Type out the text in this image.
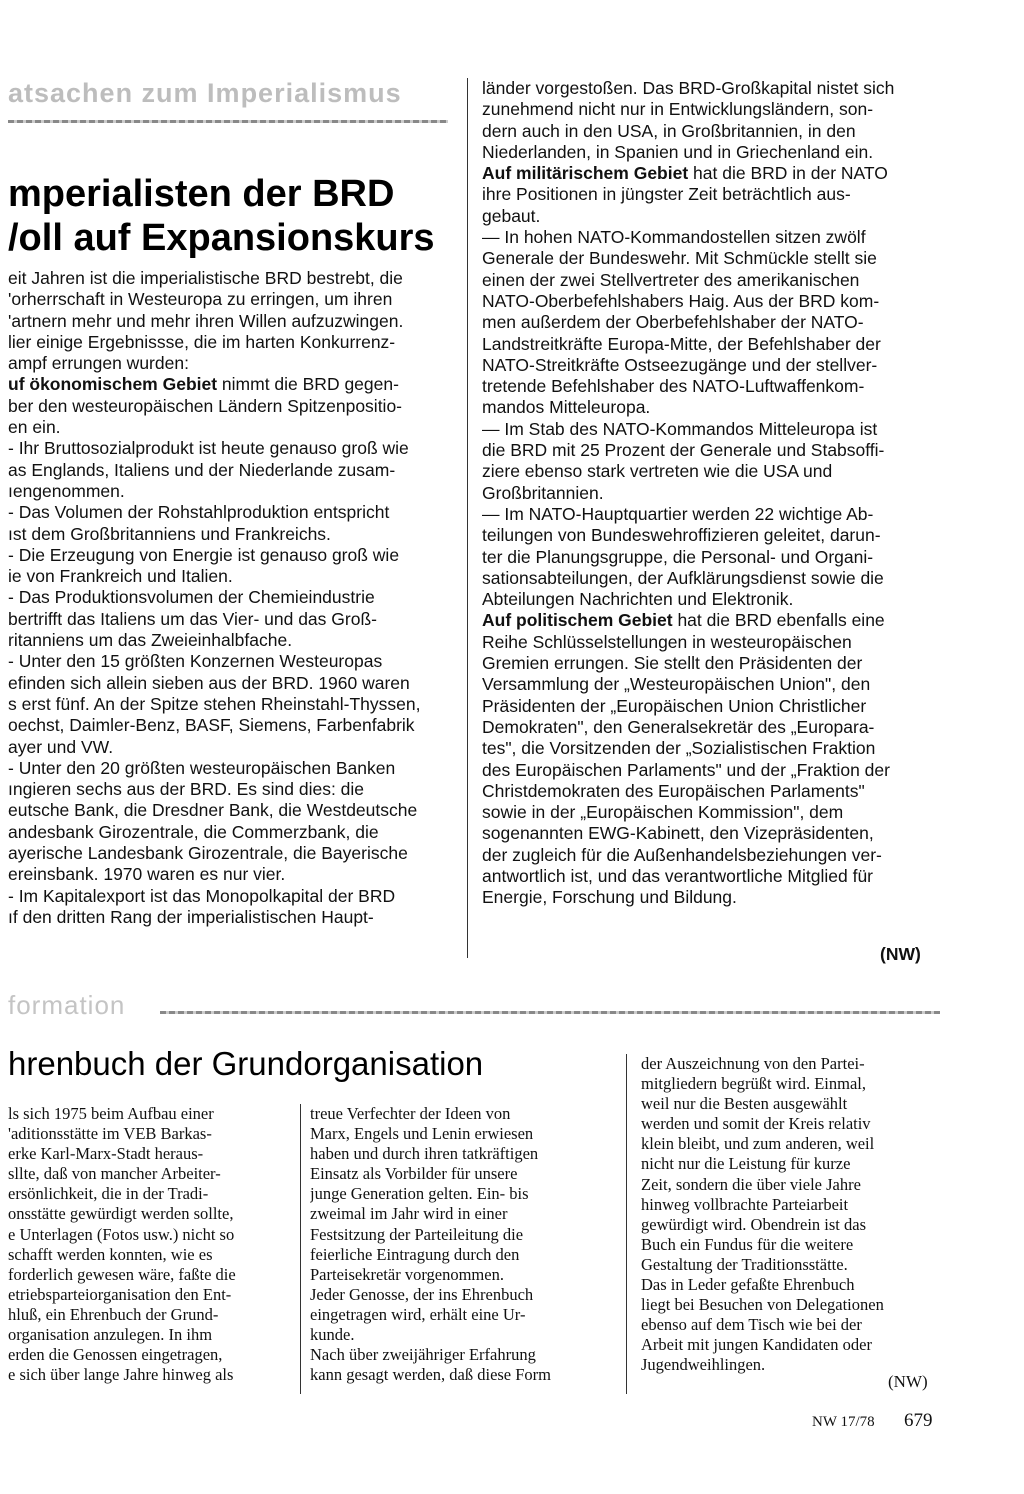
atsachen zum Imperialismus
mperialisten der BRD
/oll auf Expansionskurs
eit Jahren ist die imperialistische BRD bestrebt, die
'orherrschaft in Westeuropa zu erringen, um ihren
'artnern mehr und mehr ihren Willen aufzuzwingen.
lier einige Ergebnissse, die im harten Konkurrenz-
ampf errungen wurden:
uf ökonomischem Gebiet nimmt die BRD gegen-
ber den westeuropäischen Ländern Spitzenpositio-
en ein.
- Ihr Bruttosozialprodukt ist heute genauso groß wie
as Englands, Italiens und der Niederlande zusam-
ıengenommen.
- Das Volumen der Rohstahlproduktion entspricht
ıst dem Großbritanniens und Frankreichs.
- Die Erzeugung von Energie ist genauso groß wie
ie von Frankreich und Italien.
- Das Produktionsvolumen der Chemieindustrie
bertrifft das Italiens um das Vier- und das Groß-
ritanniens um das Zweieinhalbfache.
- Unter den 15 größten Konzernen Westeuropas
efinden sich allein sieben aus der BRD. 1960 waren
s erst fünf. An der Spitze stehen Rheinstahl-Thyssen,
oechst, Daimler-Benz, BASF, Siemens, Farbenfabrik
ayer und VW.
- Unter den 20 größten westeuropäischen Banken
ıngieren sechs aus der BRD. Es sind dies: die
eutsche Bank, die Dresdner Bank, die Westdeutsche
andesbank Girozentrale, die Commerzbank, die
ayerische Landesbank Girozentrale, die Bayerische
ereinsbank. 1970 waren es nur vier.
- Im Kapitalexport ist das Monopolkapital der BRD
ıf den dritten Rang der imperialistischen Haupt-
länder vorgestoßen. Das BRD-Großkapital nistet sich
zunehmend nicht nur in Entwicklungsländern, son-
dern auch in den USA, in Großbritannien, in den
Niederlanden, in Spanien und in Griechenland ein.
Auf militärischem Gebiet hat die BRD in der NATO
ihre Positionen in jüngster Zeit beträchtlich aus-
gebaut.
— In hohen NATO-Kommandostellen sitzen zwölf
Generale der Bundeswehr. Mit Schmückle stellt sie
einen der zwei Stellvertreter des amerikanischen
NATO-Oberbefehlshabers Haig. Aus der BRD kom-
men außerdem der Oberbefehlshaber der NATO-
Landstreitkräfte Europa-Mitte, der Befehlshaber der
NATO-Streitkräfte Ostseezugänge und der stellver-
tretende Befehlshaber des NATO-Luftwaffenkom-
mandos Mitteleuropa.
— Im Stab des NATO-Kommandos Mitteleuropa ist
die BRD mit 25 Prozent der Generale und Stabsoffi-
ziere ebenso stark vertreten wie die USA und
Großbritannien.
— Im NATO-Hauptquartier werden 22 wichtige Ab-
teilungen von Bundeswehroffizieren geleitet, darun-
ter die Planungsgruppe, die Personal- und Organi-
sationsabteilungen, der Aufklärungsdienst sowie die
Abteilungen Nachrichten und Elektronik.
Auf politischem Gebiet hat die BRD ebenfalls eine
Reihe Schlüsselstellungen in westeuropäischen
Gremien errungen. Sie stellt den Präsidenten der
Versammlung der „Westeuropäischen Union", den
Präsidenten der „Europäischen Union Christlicher
Demokraten", den Generalsekretär des „Europara-
tes", die Vorsitzenden der „Sozialistischen Fraktion
des Europäischen Parlaments" und der „Fraktion der
Christdemokraten des Europäischen Parlaments"
sowie in der „Europäischen Kommission", dem
sogenannten EWG-Kabinett, den Vizepräsidenten,
der zugleich für die Außenhandelsbeziehungen ver-
antwortlich ist, und das verantwortliche Mitglied für
Energie, Forschung und Bildung.
(NW)
formation
hrenbuch der Grundorganisation
ls sich 1975 beim Aufbau einer
'aditionsstätte im VEB Barkas-
erke Karl-Marx-Stadt heraus-
sllte, daß von mancher Arbeiter-
ersönlichkeit, die in der Tradi-
onsstätte gewürdigt werden sollte,
e Unterlagen (Fotos usw.) nicht so
schafft werden konnten, wie es
forderlich gewesen wäre, faßte die
etriebsparteiorganisation den Ent-
hluß, ein Ehrenbuch der Grund-
organisation anzulegen. In ihm
erden die Genossen eingetragen,
e sich über lange Jahre hinweg als
treue Verfechter der Ideen von
Marx, Engels und Lenin erwiesen
haben und durch ihren tatkräftigen
Einsatz als Vorbilder für unsere
junge Generation gelten. Ein- bis
zweimal im Jahr wird in einer
Festsitzung der Parteileitung die
feierliche Eintragung durch den
Parteisekretär vorgenommen.
Jeder Genosse, der ins Ehrenbuch
eingetragen wird, erhält eine Ur-
kunde.
Nach über zweijähriger Erfahrung
kann gesagt werden, daß diese Form
der Auszeichnung von den Partei-
mitgliedern begrüßt wird. Einmal,
weil nur die Besten ausgewählt
werden und somit der Kreis relativ
klein bleibt, und zum anderen, weil
nicht nur die Leistung für kurze
Zeit, sondern die über viele Jahre
hinweg vollbrachte Parteiarbeit
gewürdigt wird. Obendrein ist das
Buch ein Fundus für die weitere
Gestaltung der Traditionsstätte.
Das in Leder gefaßte Ehrenbuch
liegt bei Besuchen von Delegationen
ebenso auf dem Tisch wie bei der
Arbeit mit jungen Kandidaten oder
Jugendweihlingen.
(NW)
NW 17/78 679
